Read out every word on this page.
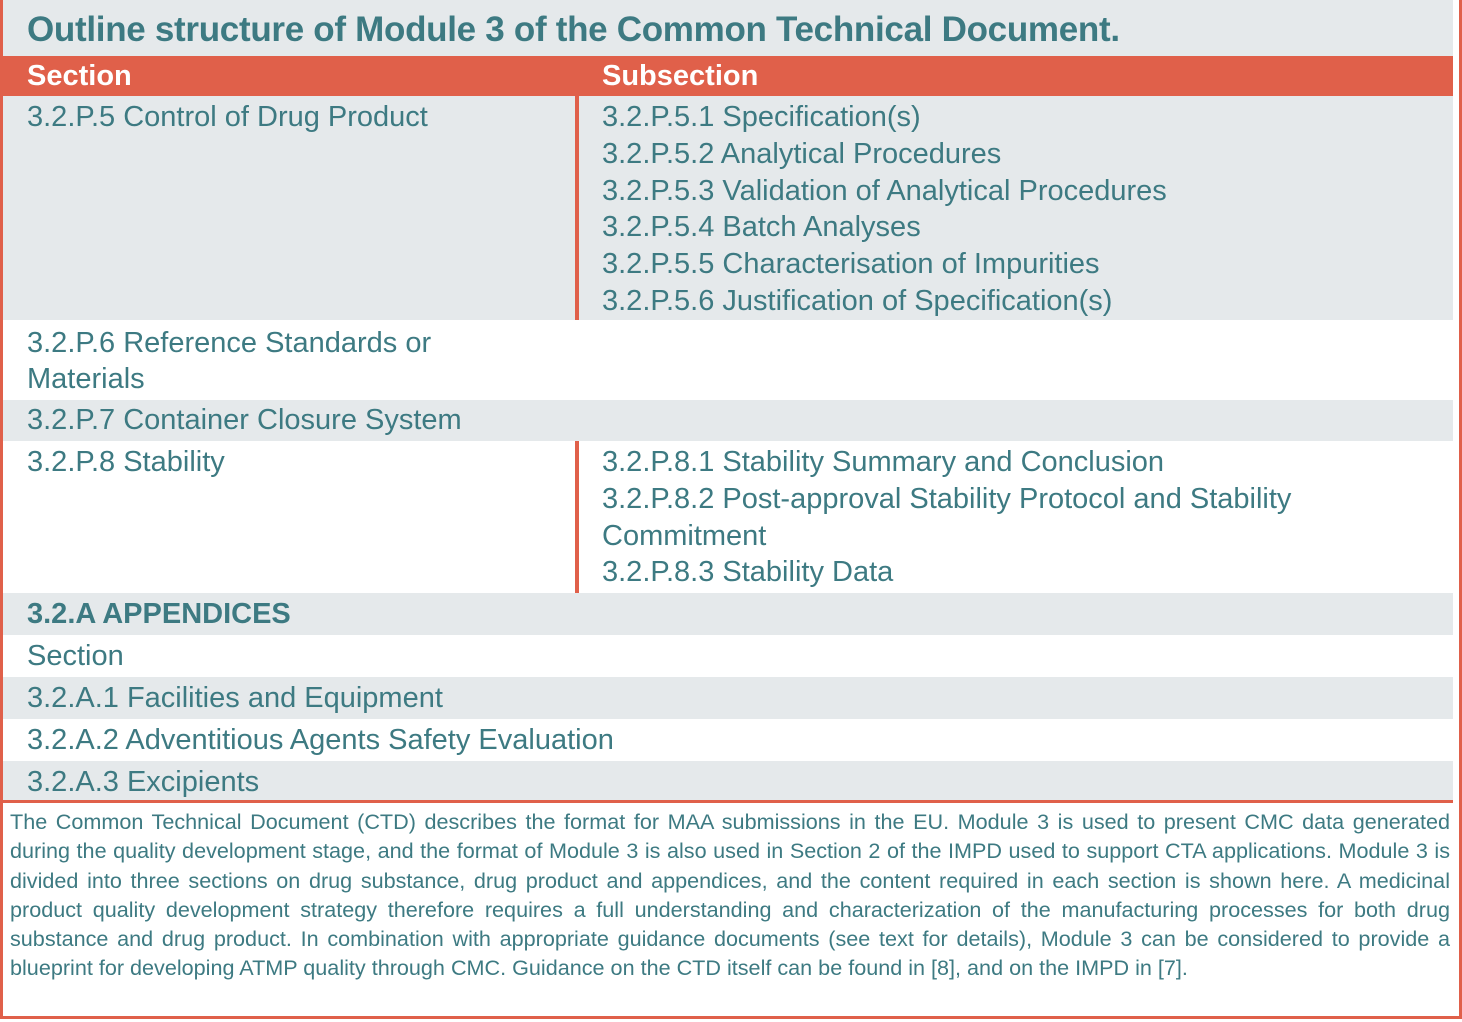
Outline structure of Module 3 of the Common Technical Document.
Section	Subsection
3.2.P.5 Control of Drug Product	3.2.P.5.1 Specification(s)
3.2.P.5.2 Analytical Procedures
3.2.P.5.3 Validation of Analytical Procedures
3.2.P.5.4 Batch Analyses
3.2.P.5.5 Characterisation of Impurities
3.2.P.5.6 Justification of Specification(s)
3.2.P.6 Reference Standards or
Materials
3.2.P.7 Container Closure System
3.2.P.8 Stability	3.2.P.8.1 Stability Summary and Conclusion
3.2.P.8.2 Post-approval Stability Protocol and Stability
Commitment
3.2.P.8.3 Stability Data
3.2.A APPENDICES
Section
3.2.A.1 Facilities and Equipment
3.2.A.2 Adventitious Agents Safety Evaluation
3.2.A.3 Excipients
The Common Technical Document (CTD) describes the format for MAA submissions in the EU. Module 3 is used to present CMC data generated during the quality development stage, and the format of Module 3 is also used in Section 2 of the IMPD used to support CTA applications. Module 3 is divided into three sections on drug substance, drug product and appendices, and the content required in each section is shown here. A medicinal product quality development strategy therefore requires a full understanding and characterization of the manufacturing processes for both drug substance and drug product. In combination with appropriate guidance documents (see text for details), Module 3 can be considered to provide a blueprint for developing ATMP quality through CMC. Guidance on the CTD itself can be found in [8], and on the IMPD in [7].
